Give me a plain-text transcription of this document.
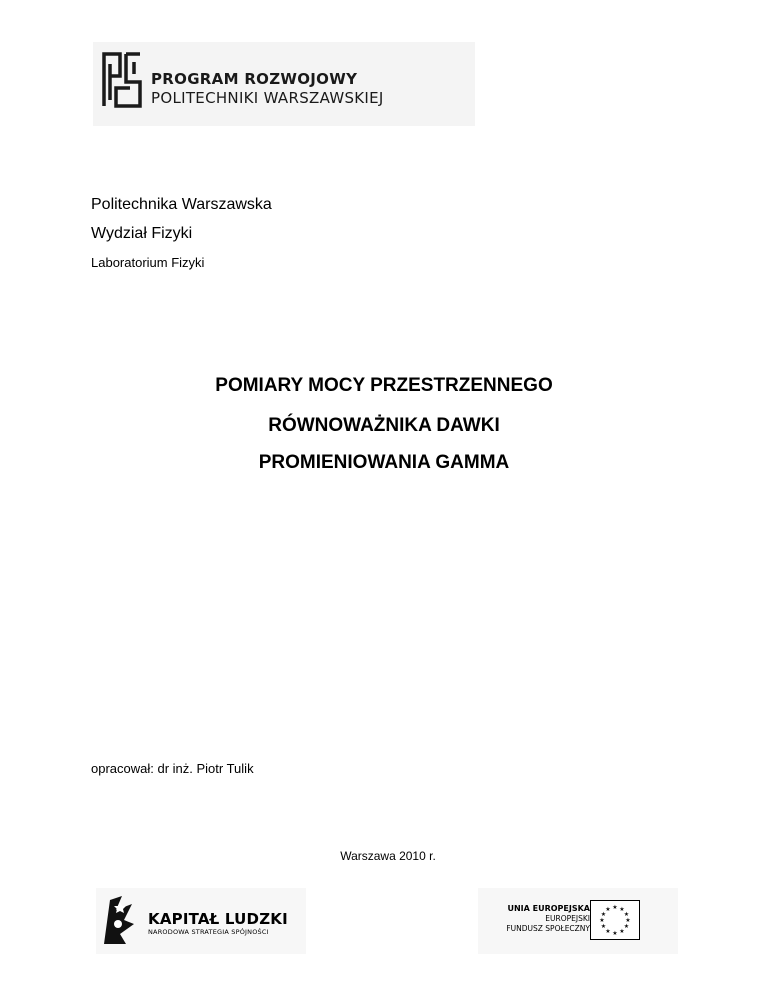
PROGRAM ROZWOJOWY
POLITECHNIKI WARSZAWSKIEJ
Politechnika Warszawska
Wydział Fizyki
Laboratorium Fizyki
POMIARY MOCY PRZESTRZENNEGO
RÓWNOWAŻNIKA DAWKI
PROMIENIOWANIA GAMMA
opracował: dr inż. Piotr Tulik
Warszawa 2010 r.
KAPITAŁ LUDZKI
NARODOWA STRATEGIA SPÓJNOŚCI
UNIA EUROPEJSKA
EUROPEJSKI
FUNDUSZ SPOŁECZNY
★ ★
★
★
★
★
★
★
★
★
★
★
